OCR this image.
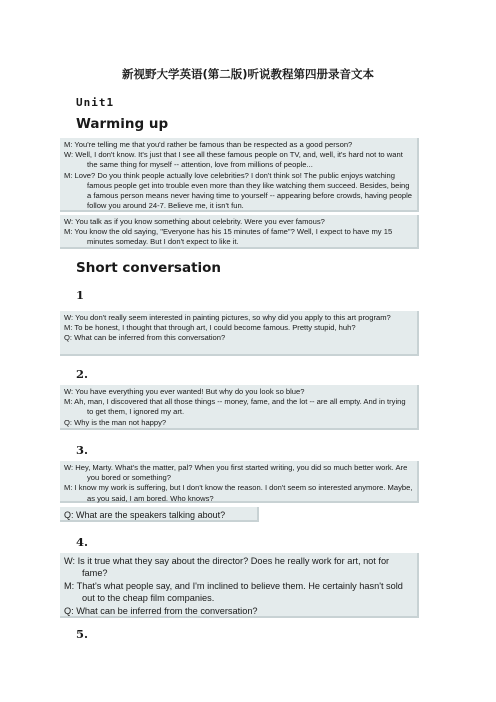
新视野大学英语(第二版)听说教程第四册录音文本
Unit1
Warming up
M: You're telling me that you'd rather be famous than be respected as a good person?
W: Well, I don't know. It's just that I see all these famous people on TV, and, well, it's hard not to want the same thing for myself -- attention, love from millions of people...
M: Love? Do you think people actually love celebrities? I don't think so! The public enjoys watching famous people get into trouble even more than they like watching them succeed. Besides, being a famous person means never having time to yourself -- appearing before crowds, having people follow you around 24-7. Believe me, it isn't fun.
W: You talk as if you know something about celebrity. Were you ever famous?
M: You know the old saying, "Everyone has his 15 minutes of fame"? Well, I expect to have my 15 minutes someday. But I don't expect to like it.
Short conversation
1
W: You don't really seem interested in painting pictures, so why did you apply to this art program?
M: To be honest, I thought that through art, I could become famous. Pretty stupid, huh?
Q: What can be inferred from this conversation?
2.
W: You have everything you ever wanted! But why do you look so blue?
M: Ah, man, I discovered that all those things -- money, fame, and the lot -- are all empty. And in trying to get them, I ignored my art.
Q: Why is the man not happy?
3.
W: Hey, Marty. What's the matter, pal? When you first started writing, you did so much better work. Are you bored or something?
M: I know my work is suffering, but I don't know the reason. I don't seem so interested anymore. Maybe, as you said, I am bored. Who knows?
Q: What are the speakers talking about?
4.
W: Is it true what they say about the director? Does he really work for art, not for fame?
M: That's what people say, and I'm inclined to believe them. He certainly hasn't sold out to the cheap film companies.
Q: What can be inferred from the conversation?
5.
